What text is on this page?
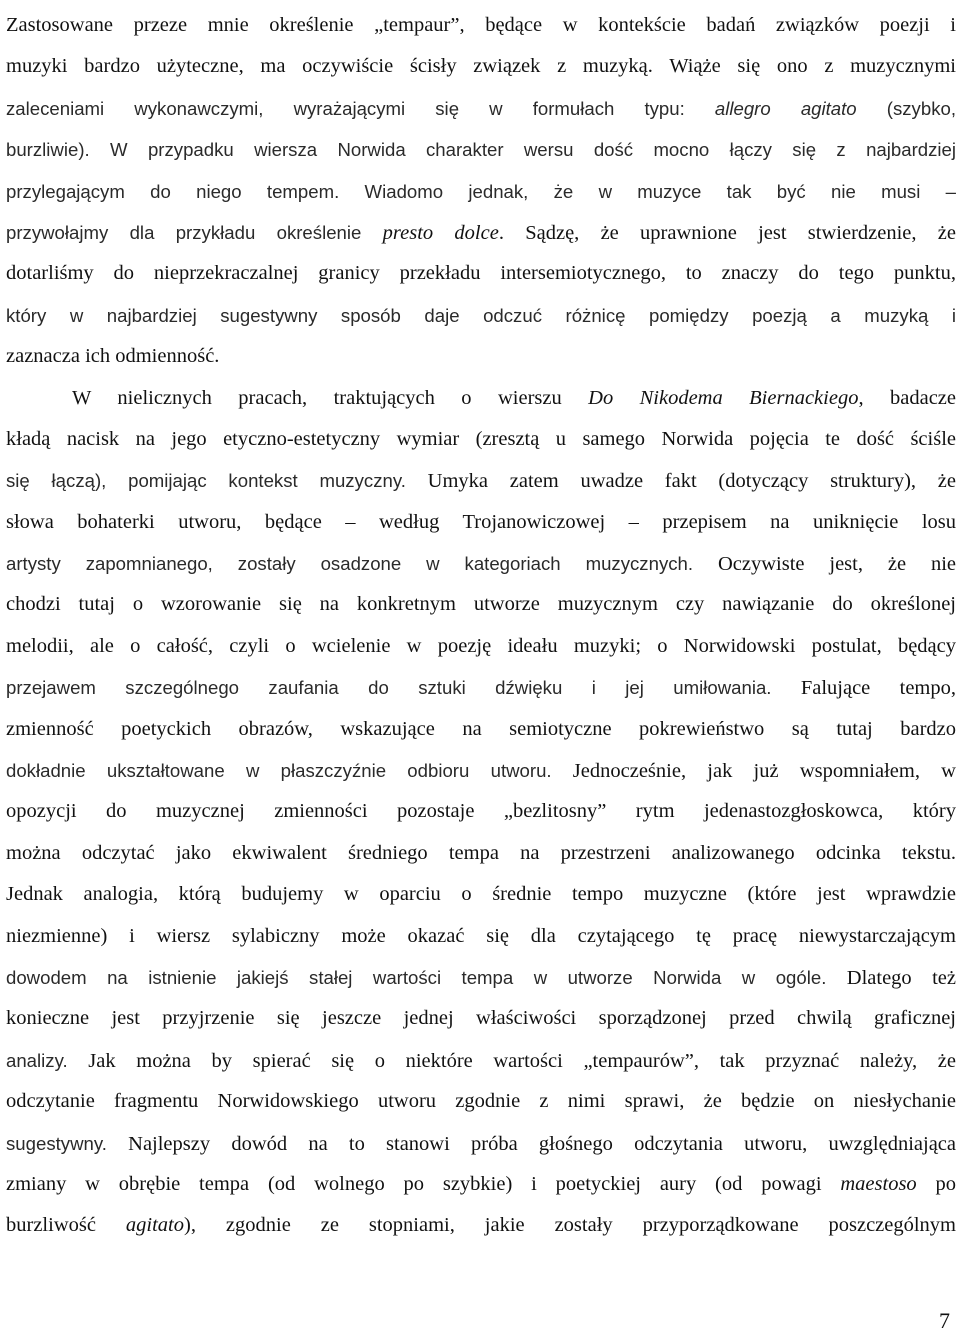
Zastosowane przeze mnie określenie „tempaur”, będące w kontekście badań związków poezji i
muzyki bardzo użyteczne, ma oczywiście ścisły związek z muzyką. Wiąże się ono z muzycznymi
zaleceniami wykonawczymi, wyrażającymi się w formułach typu: allegro agitato (szybko,
burzliwie). W przypadku wiersza Norwida charakter wersu dość mocno łączy się z najbardziej
przylegającym do niego tempem. Wiadomo jednak, że w muzyce tak być nie musi –
przywołajmy dla przykładu określenie presto dolce. Sądzę, że uprawnione jest stwierdzenie, że
dotarliśmy do nieprzekraczalnej granicy przekładu intersemiotycznego, to znaczy do tego punktu,
który w najbardziej sugestywny sposób daje odczuć różnicę pomiędzy poezją a muzyką i
zaznacza ich odmienność.
W nielicznych pracach, traktujących o wierszu Do Nikodema Biernackiego, badacze
kładą nacisk na jego etyczno-estetyczny wymiar (zresztą u samego Norwida pojęcia te dość ściśle
się łączą), pomijając kontekst muzyczny. Umyka zatem uwadze fakt (dotyczący struktury), że
słowa bohaterki utworu, będące – według Trojanowiczowej – przepisem na uniknięcie losu
artysty zapomnianego, zostały osadzone w kategoriach muzycznych. Oczywiste jest, że nie
chodzi tutaj o wzorowanie się na konkretnym utworze muzycznym czy nawiązanie do określonej
melodii, ale o całość, czyli o wcielenie w poezję ideału muzyki; o Norwidowski postulat, będący
przejawem szczególnego zaufania do sztuki dźwięku i jej umiłowania. Falujące tempo,
zmienność poetyckich obrazów, wskazujące na semiotyczne pokrewieństwo są tutaj bardzo
dokładnie ukształtowane w płaszczyźnie odbioru utworu. Jednocześnie, jak już wspomniałem, w
opozycji do muzycznej zmienności pozostaje „bezlitosny” rytm jedenastozgłoskowca, który
można odczytać jako ekwiwalent średniego tempa na przestrzeni analizowanego odcinka tekstu.
Jednak analogia, którą budujemy w oparciu o średnie tempo muzyczne (które jest wprawdzie
niezmienne) i wiersz sylabiczny może okazać się dla czytającego tę pracę niewystarczającym
dowodem na istnienie jakiejś stałej wartości tempa w utworze Norwida w ogóle. Dlatego też
konieczne jest przyjrzenie się jeszcze jednej właściwości sporządzonej przed chwilą graficznej
analizy. Jak można by spierać się o niektóre wartości „tempaurów”, tak przyznać należy, że
odczytanie fragmentu Norwidowskiego utworu zgodnie z nimi sprawi, że będzie on niesłychanie
sugestywny. Najlepszy dowód na to stanowi próba głośnego odczytania utworu, uwzględniająca
zmiany w obrębie tempa (od wolnego po szybkie) i poetyckiej aury (od powagi maestoso po
burzliwość agitato), zgodnie ze stopniami, jakie zostały przyporządkowane poszczególnym
7
